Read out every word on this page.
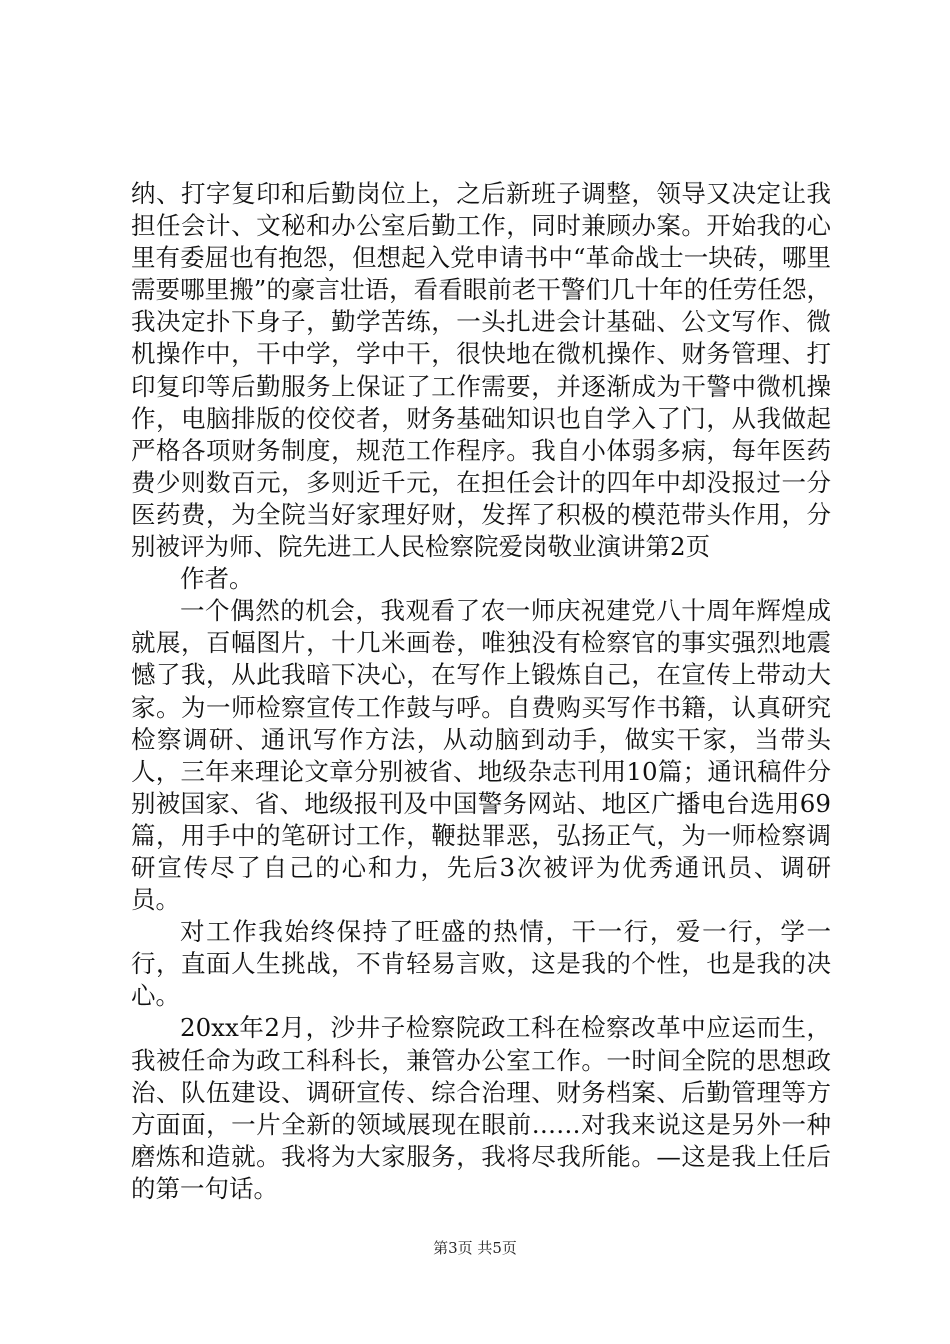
纳、打字复印和后勤岗位上，之后新班子调整，领导又决定让我担任会计、文秘和办公室后勤工作，同时兼顾办案。开始我的心里有委屈也有抱怨，但想起入党申请书中“革命战士一块砖，哪里需要哪里搬”的豪言壮语，看看眼前老干警们几十年的任劳任怨，我决定扑下身子，勤学苦练，一头扎进会计基础、公文写作、微机操作中，干中学，学中干，很快地在微机操作、财务管理、打印复印等后勤服务上保证了工作需要，并逐渐成为干警中微机操作，电脑排版的佼佼者，财务基础知识也自学入了门，从我做起严格各项财务制度，规范工作程序。我自小体弱多病，每年医药费少则数百元，多则近千元，在担任会计的四年中却没报过一分医药费，为全院当好家理好财，发挥了积极的模范带头作用，分别被评为师、院先进工人民检察院爱岗敬业演讲第2页

作者。

一个偶然的机会，我观看了农一师庆祝建党八十周年辉煌成就展，百幅图片，十几米画卷，唯独没有检察官的事实强烈地震憾了我，从此我暗下决心，在写作上锻炼自己，在宣传上带动大家。为一师检察宣传工作鼓与呼。自费购买写作书籍，认真研究检察调研、通讯写作方法，从动脑到动手，做实干家，当带头人，三年来理论文章分别被省、地级杂志刊用10篇；通讯稿件分别被国家、省、地级报刊及中国警务网站、地区广播电台选用69篇，用手中的笔研讨工作，鞭挞罪恶，弘扬正气，为一师检察调研宣传尽了自己的心和力，先后3次被评为优秀通讯员、调研员。

对工作我始终保持了旺盛的热情，干一行，爱一行，学一行，直面人生挑战，不肯轻易言败，这是我的个性，也是我的决心。

20xx年2月，沙井子检察院政工科在检察改革中应运而生，我被任命为政工科科长，兼管办公室工作。一时间全院的思想政治、队伍建设、调研宣传、综合治理、财务档案、后勤管理等方方面面，一片全新的领域展现在眼前……对我来说这是另外一种磨炼和造就。我将为大家服务，我将尽我所能。—这是我上任后的第一句话。

第3页 共5页
